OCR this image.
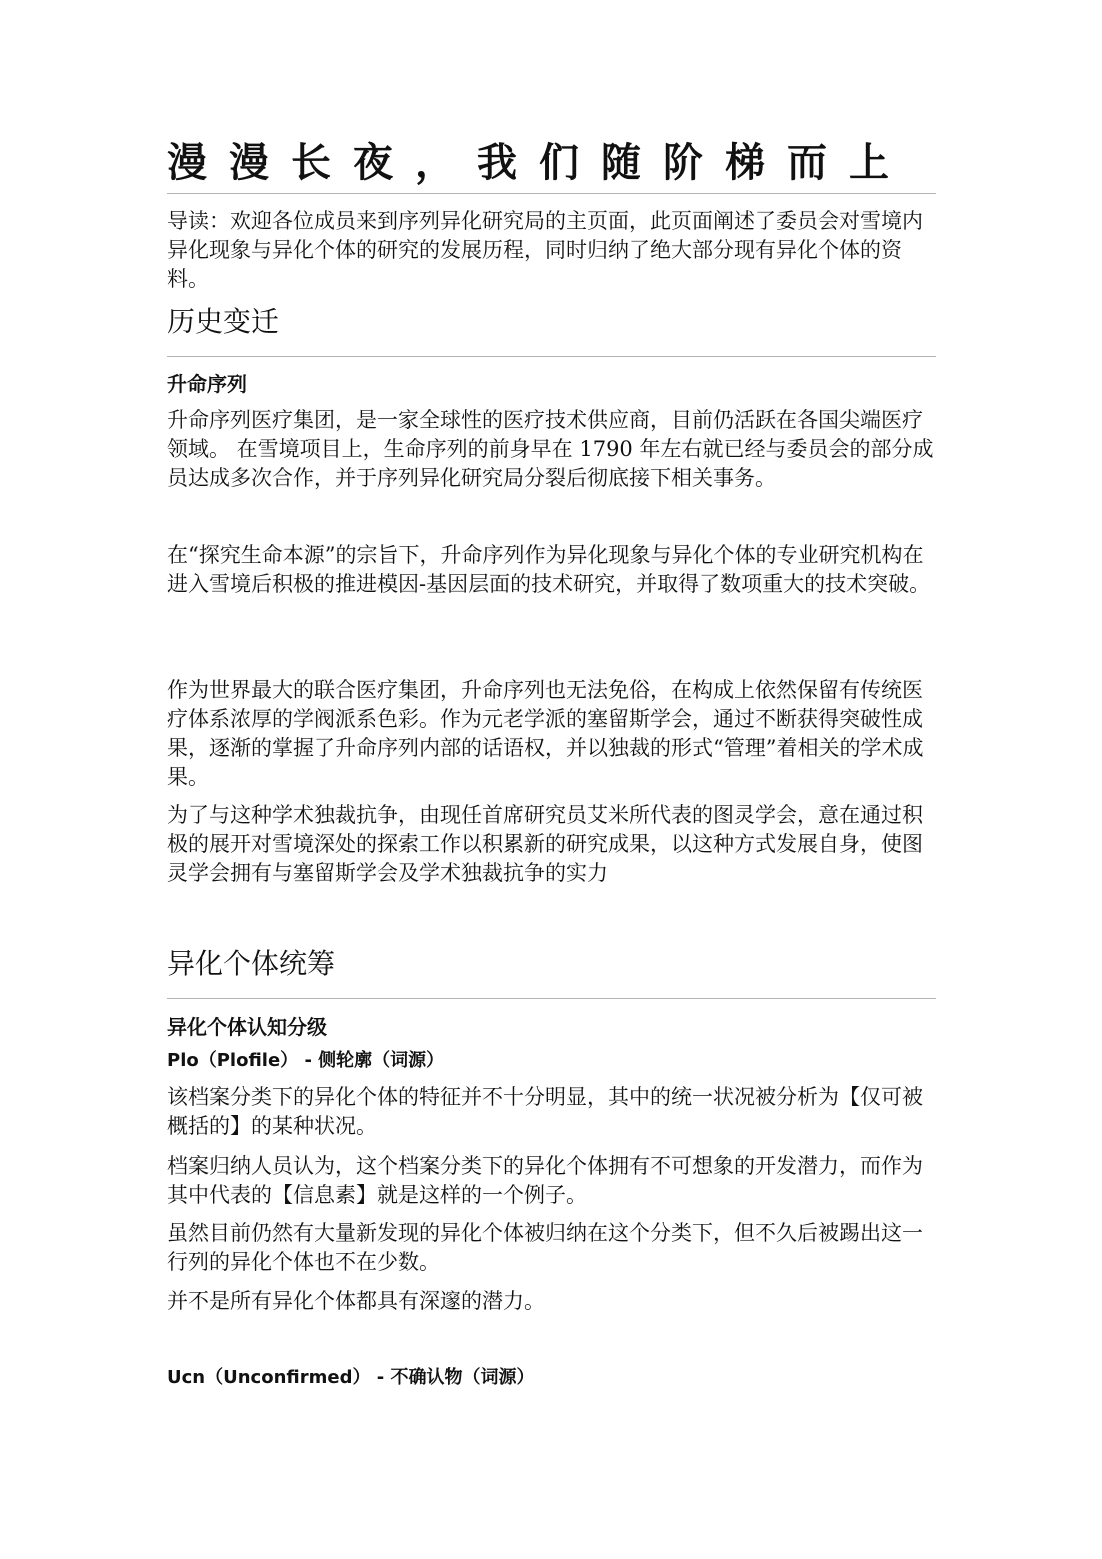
漫漫长夜，我们随阶梯而上

导读：欢迎各位成员来到序列异化研究局的主页面，此页面阐述了委员会对雪境内异化现象与异化个体的研究的发展历程，同时归纳了绝大部分现有异化个体的资料。

历史变迁
升命序列

升命序列医疗集团，是一家全球性的医疗技术供应商，目前仍活跃在各国尖端医疗领域。 在雪境项目上，生命序列的前身早在 1790 年左右就已经与委员会的部分成员达成多次合作，并于序列异化研究局分裂后彻底接下相关事务。

在“探究生命本源”的宗旨下，升命序列作为异化现象与异化个体的专业研究机构在进入雪境后积极的推进模因-基因层面的技术研究，并取得了数项重大的技术突破。

作为世界最大的联合医疗集团，升命序列也无法免俗，在构成上依然保留有传统医疗体系浓厚的学阀派系色彩。作为元老学派的塞留斯学会，通过不断获得突破性成果，逐渐的掌握了升命序列内部的话语权，并以独裁的形式“管理”着相关的学术成果。

为了与这种学术独裁抗争，由现任首席研究员艾米所代表的图灵学会，意在通过积极的展开对雪境深处的探索工作以积累新的研究成果，以这种方式发展自身，使图灵学会拥有与塞留斯学会及学术独裁抗争的实力

异化个体统筹
异化个体认知分级
Plo（Plofile） - 侧轮廓（词源）

该档案分类下的异化个体的特征并不十分明显，其中的统一状况被分析为【仅可被概括的】的某种状况。

档案归纳人员认为，这个档案分类下的异化个体拥有不可想象的开发潜力，而作为其中代表的【信息素】就是这样的一个例子。

虽然目前仍然有大量新发现的异化个体被归纳在这个分类下，但不久后被踢出这一行列的异化个体也不在少数。

并不是所有异化个体都具有深邃的潜力。

Ucn（Unconfirmed） - 不确认物（词源）
